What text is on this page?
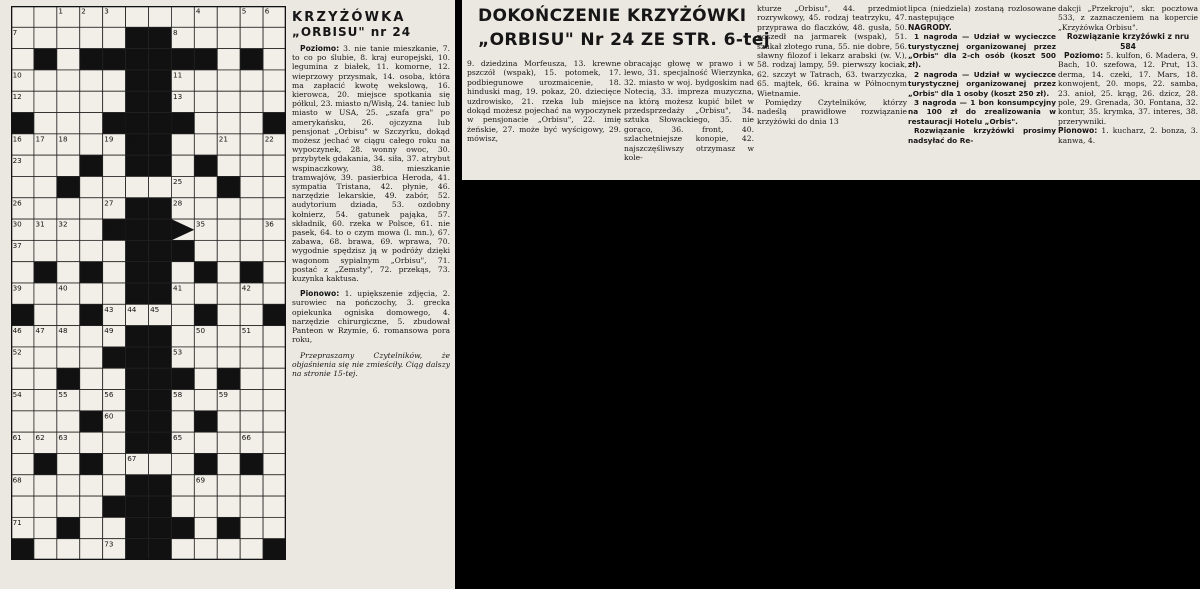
1	2	3	4	5	6
7	8
10	11
12	13
14	15
16 17 18	19 20	21	22
23	24
25
26	27	28
30 31 32	33 34	35	36
37	38
39	40	41	42
43 44 45
46 47 48	49	50	51
52	53
54	55	56	57 58	59
60
61 62 63	64 65	66
67
68	69
70
71	72
73
KRZYŻÓWKA
„ORBISU" nr 24
Poziomo: 3. nie tanie mieszkanie, 7. to co po ślubie, 8. kraj europejski, 10. legumina z białek, 11. komorne, 12. wieprzowy przysmak, 14. osoba, która ma zapłacić kwotę wekslową, 16. kierowca, 20. miejsce spotkania się półkul, 23. miasto n/Wisłą, 24. taniec lub miasto w USA, 25. „szafa gra" po amerykańsku, 26. ojczyzna lub pensjonat „Orbisu" w Szczyrku, dokąd możesz jechać w ciągu całego roku na wypoczynek, 28. wonny owoc, 30. przybytek gdakania, 34. siła, 37. atrybut wspinaczkowy, 38. mieszkanie tramwajów, 39. pasierbica Heroda, 41. sympatia Tristana, 42. płynie, 46. narzędzie lekarskie, 49. zabór, 52. audytorium dziada, 53. ozdobny kołnierz, 54. gatunek pająka, 57. składnik, 60. rzeka w Polsce, 61. nie pasek, 64. to o czym mowa (l. mn.), 67. zabawa, 68. brawa, 69. wprawa, 70. wygodnie spędzisz ją w podróży dzięki wagonom sypialnym „Orbisu", 71. postać z „Zemsty", 72. przekąs, 73. kuzynka kaktusa.
Pionowo: 1. upiększenie zdjęcia, 2. surowiec na pończochy, 3. grecka opiekunka ogniska domowego, 4. narzędzie chirurgiczne, 5. zbudował Panteon w Rzymie, 6. romansowa pora roku,
Przepraszamy Czytelników, że objaśnienia się nie zmieściły. Ciąg dalszy na stronie 15-tej.
DOKOŃCZENIE KRZYŻÓWKI
„ORBISU" Nr 24 ZE STR. 6-tej
9. dziedzina Morfeusza, 13. krewne pszczół (wspak), 15. potomek, 17. podbiegunowe urozmaicenie, 18. hinduski mag, 19. pokaz, 20. dziecięce uzdrowisko, 21. rzeka lub miejsce dokąd możesz pojechać na wypoczynek w pensjonacie „Orbisu", 22. imię żeńskie, 27. może być wyścigowy, 29. mówisz,
obracając głowę w prawo i w lewo, 31. specjalność Wierzynka, 32. miasto w woj. bydgoskim nad Notecią, 33. impreza muzyczna, na którą możesz kupić bilet w przedsprzedaży „Orbisu", 34. sztuka Słowackiego, 35. nie gorąco, 36. front, 40. szlachetniejsze konopie, 42. najszczęśliwszy otrzymasz w kole-
kturze „Orbisu", 44. przedmiot rozrywkowy, 45. rodzaj teatrzyku, 47. przyprawa do flaczków, 48. gusła, 50. poszedł na jarmarek (wspak), 51. szukał złotego runa, 55. nie dobre, 56. sławny filozof i lekarz arabski (w. V.), 58. rodzaj lampy, 59. pierwszy kociak, 62. szczyt w Tatrach, 63. twarzyczka, 65. majtek, 66. kraina w Północnym Wietnamie.
Pomiędzy Czytelników, którzy nadeślą prawidłowe rozwiązanie krzyżówki do dnia 13
lipca (niedziela) zostaną rozlosowane następujące
NAGRODY.
1 nagroda — Udział w wycieczce turystycznej organizowanej przez „Orbis" dla 2-ch osób (koszt 500 zł).
2 nagroda — Udział w wycieczce turystycznej organizowanej przez „Orbis" dla 1 osoby (koszt 250 zł).
3 nagroda — 1 bon konsumpcyjny na 100 zł do zrealizowania w restauracji Hotelu „Orbis".
Rozwiązanie krzyżówki prosimy nadsyłać do Re-
dakcji „Przekroju", skr. pocztowa 533, z zaznaczeniem na kopercie „Krzyżówka Orbisu".
Rozwiązanie krzyżówki z nru 584
Poziomo: 5. kulfon, 6. Madera, 9. Bach, 10. szefowa, 12. Prut, 13. derma, 14. czeki, 17. Mars, 18. konwojent, 20. mops, 22. samba, 23. anioł, 25. krąg, 26. dzicz, 28. pole, 29. Grenada, 30. Fontana, 32. kontur, 35. krymka, 37. interes, 38. przerywniki.
Pionowo: 1. kucharz, 2. bonza, 3. kanwa, 4.
